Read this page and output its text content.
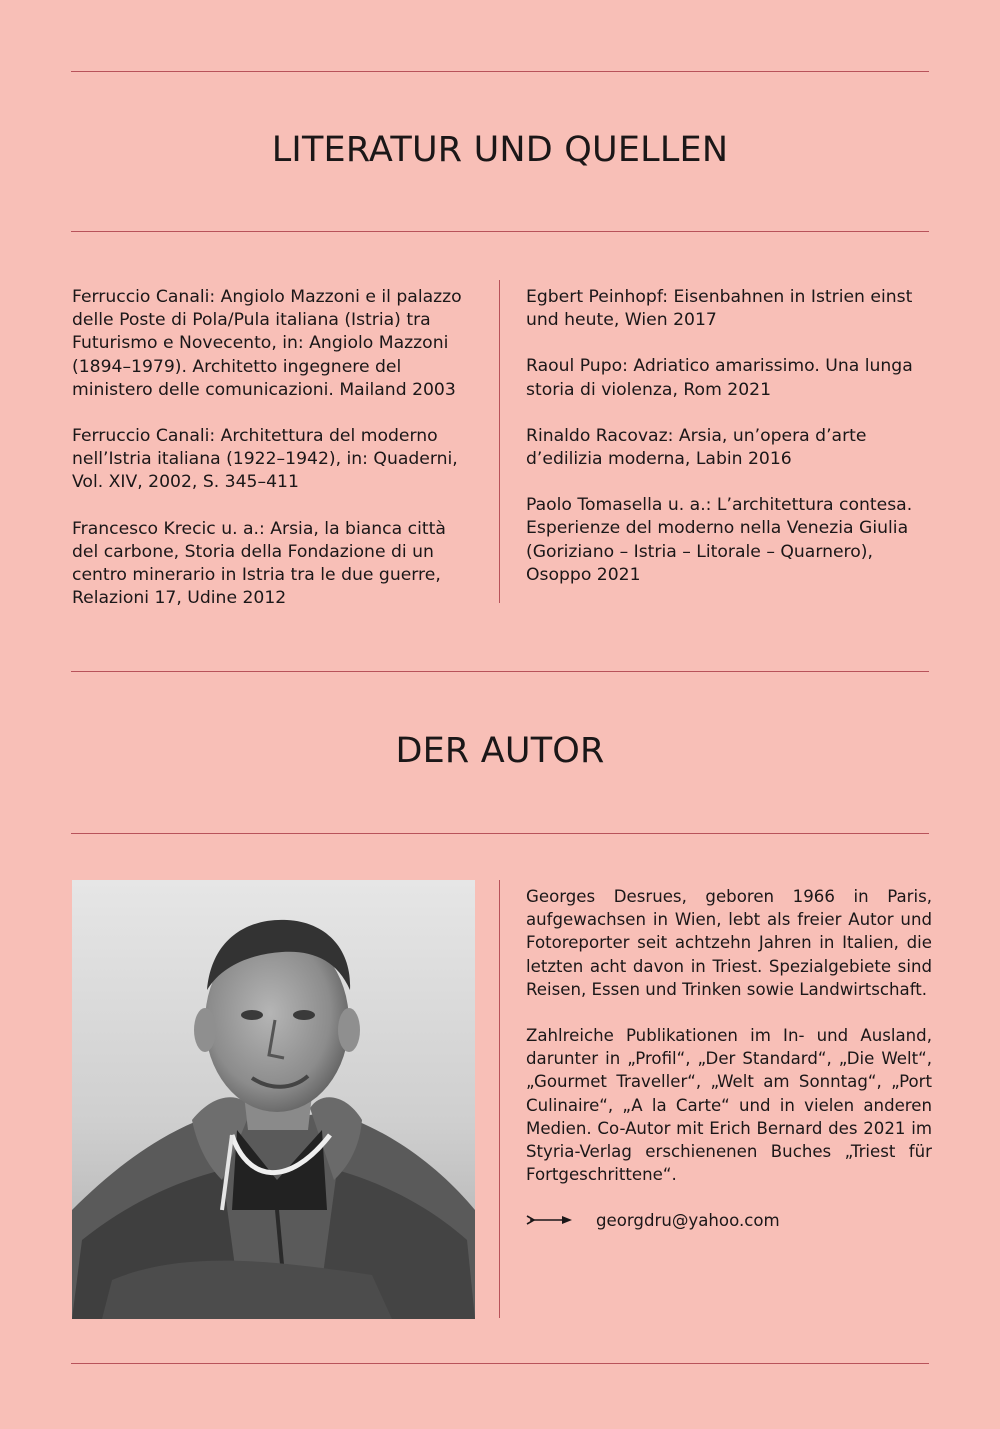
LITERATUR UND QUELLEN

Ferruccio Canali: Angiolo Mazzoni e il palazzo delle Poste di Pola/Pula italiana (Istria) tra Futurismo e Novecento, in: Angiolo Mazzoni (1894–1979). Architetto ingegnere del ministero delle comunicazioni. Mailand 2003

Ferruccio Canali: Architettura del moderno nell’Istria italiana (1922–1942), in: Quaderni, Vol. XIV, 2002, S. 345–411

Francesco Krecic u. a.: Arsia, la bianca città del carbone, Storia della Fondazione di un centro minerario in Istria tra le due guerre, Relazioni 17, Udine 2012

Egbert Peinhopf: Eisenbahnen in Istrien einst und heute, Wien 2017

Raoul Pupo: Adriatico amarissimo. Una lunga storia di violenza, Rom 2021

Rinaldo Racovaz: Arsia, un’opera d’arte d’edilizia moderna, Labin 2016

Paolo Tomasella u. a.: L’architettura contesa. Esperienze del moderno nella Venezia Giulia (Goriziano – Istria – Litorale – Quarnero), Osoppo 2021

DER AUTOR

Georges Desrues, geboren 1966 in Paris, aufgewachsen in Wien, lebt als freier Autor und Fotoreporter seit achtzehn Jahren in Italien, die letzten acht davon in Triest. Spezialgebiete sind Reisen, Essen und Trinken sowie Landwirtschaft.

Zahlreiche Publikationen im In- und Ausland, darunter in „Profil“, „Der Standard“, „Die Welt“, „Gourmet Traveller“, „Welt am Sonntag“, „Port Culinaire“, „A la Carte“ und in vielen anderen Medien. Co-Autor mit Erich Bernard des 2021 im Styria-Verlag erschienenen Buches „Triest für Fortgeschrittene“.

georgdru@yahoo.com
